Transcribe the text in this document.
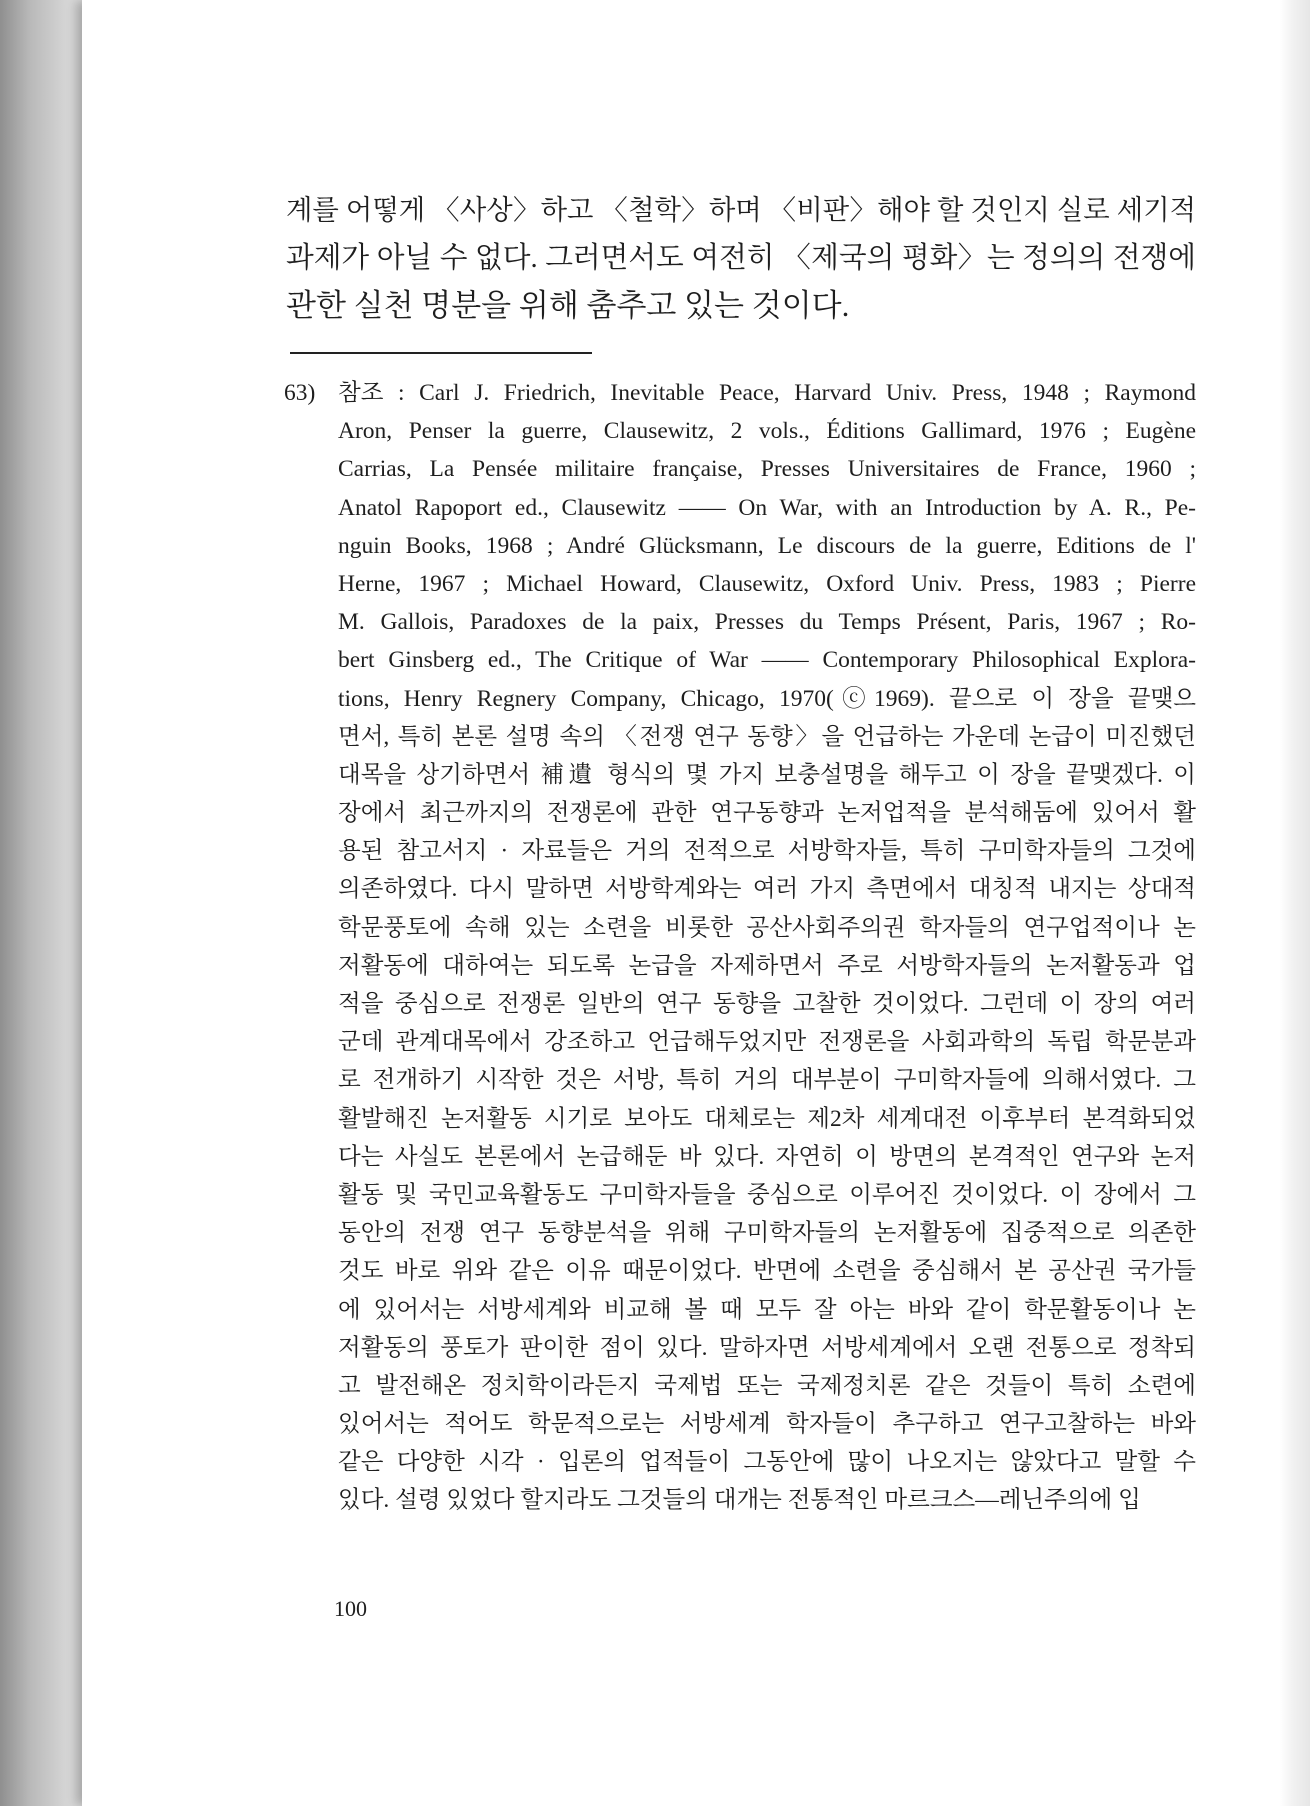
계를 어떻게 〈사상〉하고 〈철학〉하며 〈비판〉해야 할 것인지 실로 세기적
과제가 아닐 수 없다. 그러면서도 여전히 〈제국의 평화〉는 정의의 전쟁에
관한 실천 명분을 위해 춤추고 있는 것이다.
63) 참조 : Carl J. Friedrich, Inevitable Peace, Harvard Univ. Press, 1948 ; Raymond
Aron, Penser la guerre, Clausewitz, 2 vols., Éditions Gallimard, 1976 ; Eugène
Carrias, La Pensée militaire française, Presses Universitaires de France, 1960 ;
Anatol Rapoport ed., Clausewitz —— On War, with an Introduction by A. R., Pe-
nguin Books, 1968 ; André Glücksmann, Le discours de la guerre, Editions de l'
Herne, 1967 ; Michael Howard, Clausewitz, Oxford Univ. Press, 1983 ; Pierre
M. Gallois, Paradoxes de la paix, Presses du Temps Présent, Paris, 1967 ; Ro-
bert Ginsberg ed., The Critique of War —— Contemporary Philosophical Explora-
tions, Henry Regnery Company, Chicago, 1970(ⓒ1969). 끝으로 이 장을 끝맺으
면서, 특히 본론 설명 속의 〈전쟁 연구 동향〉을 언급하는 가운데 논급이 미진했던
대목을 상기하면서 補遺 형식의 몇 가지 보충설명을 해두고 이 장을 끝맺겠다. 이
장에서 최근까지의 전쟁론에 관한 연구동향과 논저업적을 분석해둠에 있어서 활
용된 참고서지 · 자료들은 거의 전적으로 서방학자들, 특히 구미학자들의 그것에
의존하였다. 다시 말하면 서방학계와는 여러 가지 측면에서 대칭적 내지는 상대적
학문풍토에 속해 있는 소련을 비롯한 공산사회주의권 학자들의 연구업적이나 논
저활동에 대하여는 되도록 논급을 자제하면서 주로 서방학자들의 논저활동과 업
적을 중심으로 전쟁론 일반의 연구 동향을 고찰한 것이었다. 그런데 이 장의 여러
군데 관계대목에서 강조하고 언급해두었지만 전쟁론을 사회과학의 독립 학문분과
로 전개하기 시작한 것은 서방, 특히 거의 대부분이 구미학자들에 의해서였다. 그
활발해진 논저활동 시기로 보아도 대체로는 제2차 세계대전 이후부터 본격화되었
다는 사실도 본론에서 논급해둔 바 있다. 자연히 이 방면의 본격적인 연구와 논저
활동 및 국민교육활동도 구미학자들을 중심으로 이루어진 것이었다. 이 장에서 그
동안의 전쟁 연구 동향분석을 위해 구미학자들의 논저활동에 집중적으로 의존한
것도 바로 위와 같은 이유 때문이었다. 반면에 소련을 중심해서 본 공산권 국가들
에 있어서는 서방세계와 비교해 볼 때 모두 잘 아는 바와 같이 학문활동이나 논
저활동의 풍토가 판이한 점이 있다. 말하자면 서방세계에서 오랜 전통으로 정착되
고 발전해온 정치학이라든지 국제법 또는 국제정치론 같은 것들이 특히 소련에
있어서는 적어도 학문적으로는 서방세계 학자들이 추구하고 연구고찰하는 바와
같은 다양한 시각 · 입론의 업적들이 그동안에 많이 나오지는 않았다고 말할 수
있다. 설령 있었다 할지라도 그것들의 대개는 전통적인 마르크스—레닌주의에 입
100
